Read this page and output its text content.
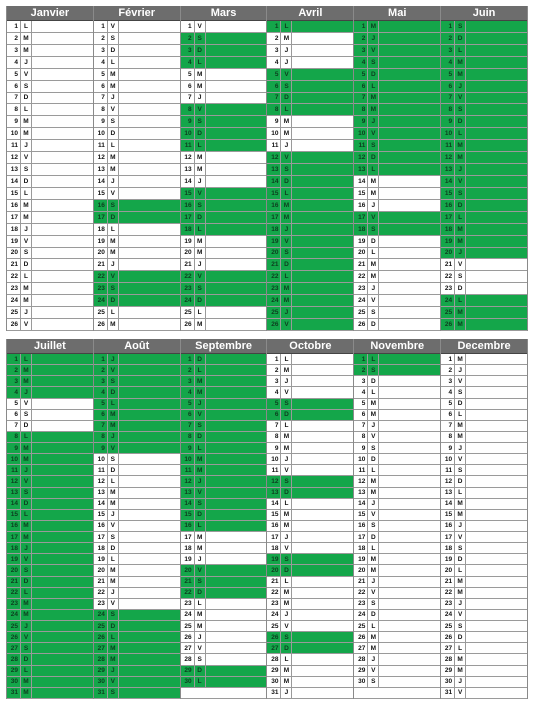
Janvier
1 L
2 M
3 M
4 J
5 V
6 S
7 D
8 L
9 M
10 M
11 J
12 V
13 S
14 D
15 L
16 M
17 M
18 J
19 V
20 S
21 D
22 L
23 M
24 M
25 J
26 V
Février
1 V
2 S
3 D
4 L
5 M
6 M
7 J
8 V
9 S
10 D
11 L
12 M
13 M
14 J
15 V
16 S
17 D
18 L
19 M
20 M
21 J
22 V
23 S
24 D
25 L
26 M
Mars
1 V
2 S
3 D
4 L
5 M
6 M
7 J
8 V
9 S
10 D
11 L
12 M
13 M
14 J
15 V
16 S
17 D
18 L
19 M
20 M
21 J
22 V
23 S
24 D
25 L
26 M
Avril
1 L
2 M
3 J
4 J
5 V
6 S
7 D
8 L
9 M
10 M
11 J
12 V
13 S
14 D
15 L
16 M
17 M
18 J
19 V
20 S
21 D
22 L
23 M
24 M
25 J
26 V
Mai
1 M
2 J
3 V
4 S
5 D
6 L
7 M
8 M
9 J
10 V
11 S
12 D
13 L
14 M
15 M
16 J
17 V
18 S
19 D
20 L
21 M
22 M
23 J
24 V
25 S
26 D
Juin
1 S
2 D
3 L
4 M
5 M
6 J
7 V
8 S
9 D
10 L
11 M
12 M
13 J
14 V
15 S
16 D
17 L
18 M
19 M
20 J
21 V
22 S
23 D
24 L
25 M
26 M
Juillet
1 L
2 M
3 M
4 J
5 V
6 S
7 D
8 L
9 M
10 M
11 J
12 V
13 S
14 D
15 L
16 M
17 M
18 J
19 V
20 S
21 D
22 L
23 M
24 M
25 J
26 V
27 S
28 D
29 L
30 M
31 M
Août
1 J
2 V
3 S
4 D
5 L
6 M
7 M
8 J
9 V
10 S
11 D
12 L
13 M
14 M
15 J
16 V
17 S
18 D
19 L
20 M
21 M
22 J
23 V
24 S
25 D
26 L
27 M
28 M
29 J
30 V
31 S
Septembre
1 D
2 L
3 M
4 M
5 J
6 V
7 S
8 D
9 L
10 M
11 M
12 J
13 V
14 S
15 D
16 L
17 M
18 M
19 J
20 V
21 S
22 D
23 L
24 M
25 M
26 J
27 V
28 S
29 D
30 L
Octobre
1 L
2 M
3 J
4 V
5 S
6 D
7 L
8 M
9 M
10 J
11 V
12 S
13 D
14 L
15 M
16 M
17 J
18 V
19 S
20 D
21 L
22 M
23 M
24 J
25 V
26 S
27 D
28 L
29 M
30 M
31 J
Novembre
1 L
2 S
3 D
4 L
5 M
6 M
7 J
8 V
9 S
10 D
11 L
12 M
13 M
14 J
15 V
16 S
17 D
18 L
19 M
20 M
21 J
22 V
23 S
24 D
25 L
26 M
27 M
28 J
29 V
30 S
Decembre
1 M
2 J
3 V
4 S
5 D
6 L
7 M
8 M
9 J
10 V
11 S
12 D
13 L
14 M
15 M
16 J
17 V
18 S
19 D
20 L
21 M
22 M
23 J
24 V
25 S
26 D
27 L
28 M
29 M
30 J
31 V
